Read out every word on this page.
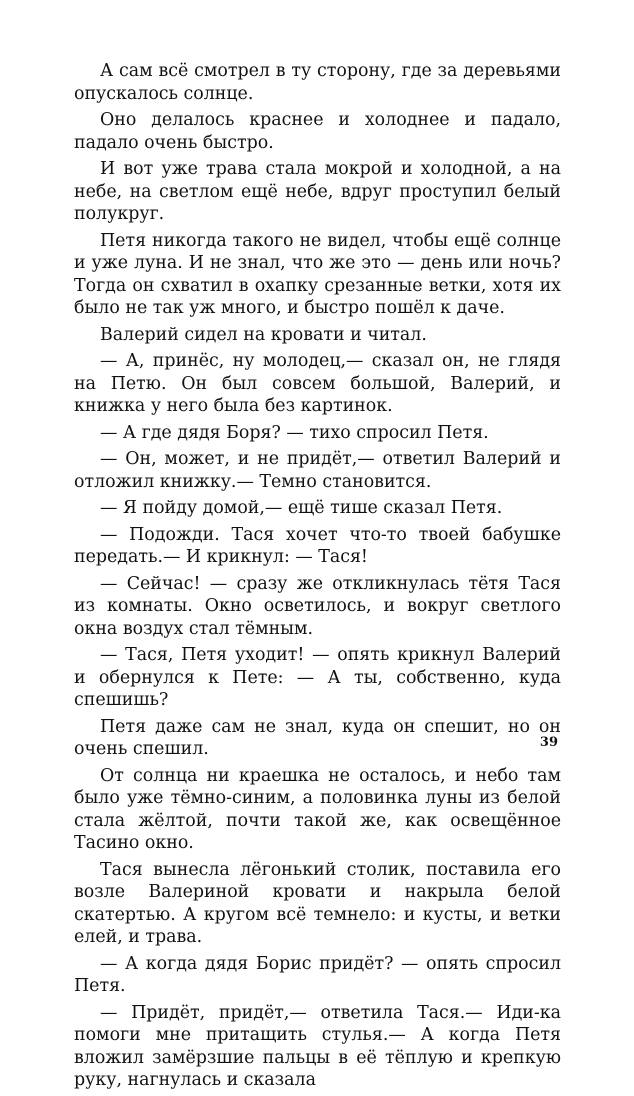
А сам всё смотрел в ту сторону, где за деревьями опускалось солнце.

Оно делалось краснее и холоднее и падало, падало очень быстро.

И вот уже трава стала мокрой и холодной, а на небе, на светлом ещё небе, вдруг проступил белый полукруг.

Петя никогда такого не видел, чтобы ещё солнце и уже луна. И не знал, что же это — день или ночь? Тогда он схватил в охапку срезанные ветки, хотя их было не так уж много, и быстро пошёл к даче.

Валерий сидел на кровати и читал.

— А, принёс, ну молодец,— сказал он, не глядя на Петю. Он был совсем большой, Валерий, и книжка у него была без картинок.

— А где дядя Боря? — тихо спросил Петя.

— Он, может, и не придёт,— ответил Валерий и отложил книжку.— Темно становится.

— Я пойду домой,— ещё тише сказал Петя.

— Подожди. Тася хочет что-то твоей бабушке передать.— И крикнул: — Тася!

— Сейчас! — сразу же откликнулась тётя Тася из комнаты. Окно осветилось, и вокруг светлого окна воздух стал тёмным.

— Тася, Петя уходит! — опять крикнул Валерий и обернулся к Пете: — А ты, собственно, куда спешишь?

Петя даже сам не знал, куда он спешит, но он очень спешил.

От солнца ни краешка не осталось, и небо там было уже тёмно-синим, а половинка луны из белой стала жёлтой, почти такой же, как освещённое Тасино окно.

Тася вынесла лёгонький столик, поставила его возле Валериной кровати и накрыла белой скатертью. А кругом всё темнело: и кусты, и ветки елей, и трава.

— А когда дядя Борис придёт? — опять спросил Петя.

— Придёт, придёт,— ответила Тася.— Иди-ка помоги мне притащить стулья.— А когда Петя вложил замёрзшие пальцы в её тёплую и крепкую руку, нагнулась и сказала

39
